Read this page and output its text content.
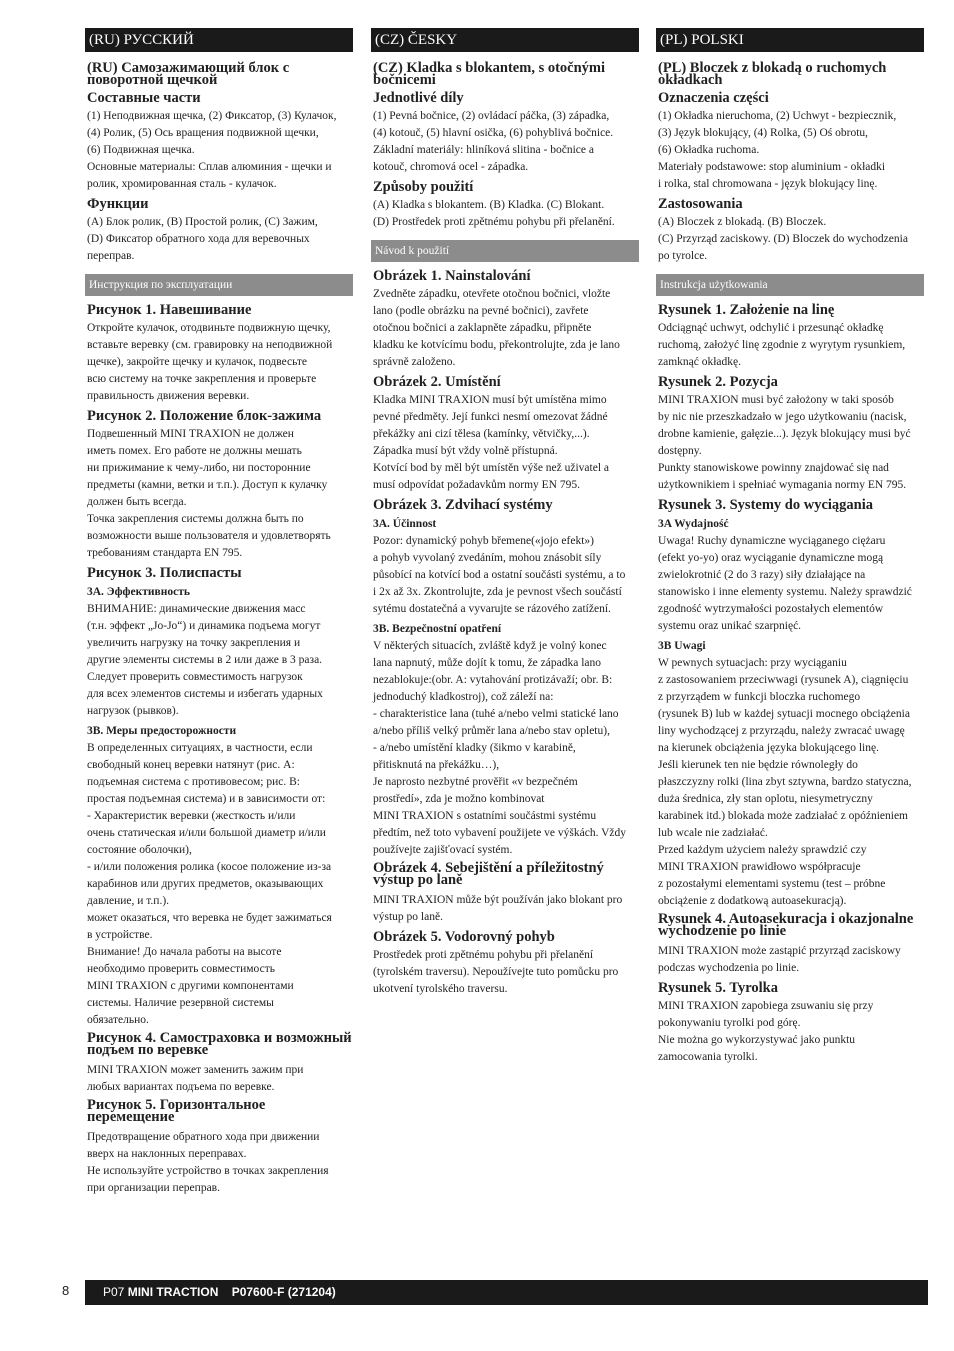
(RU) РУССКИЙ
(RU) Самозажимающий блок с поворотной щечкой
Составные части
(1) Неподвижная щечка, (2) Фиксатор, (3) Кулачок,
(4) Ролик, (5) Ось вращения подвижной щечки,
(6) Подвижная щечка.
Основные материалы: Сплав алюминия - щечки и
ролик, хромированная сталь - кулачок.
Функции
(А) Блок ролик, (В) Простой ролик, (С) Зажим,
(D) Фиксатор обратного хода для веревочных
переправ.
Инструкция по эксплуатации
Рисунок 1. Навешивание
Откройте кулачок, отодвиньте подвижную щечку,
вставьте веревку (см. гравировку на неподвижной
щечке), закройте щечку и кулачок, подвесьте
всю систему на точке закрепления и проверьте
правильность движения веревки.
Рисунок 2. Положение блок-зажима
Подвешенный MINI TRAXION не должен
иметь помех. Его работе не должны мешать
ни прижимание к чему-либо, ни посторонние
предметы (камни, ветки и т.п.). Доступ к кулачку
должен быть всегда.
Точка закрепления системы должна быть по
возможности выше пользователя и удовлетворять
требованиям стандарта EN 795.
Рисунок 3. Полиспасты
3А. Эффективность
ВНИМАНИЕ: динамические движения масс
(т.н. эффект „Jo-Jo“) и динамика подъема могут
увеличить нагрузку на точку закрепления и
другие элементы системы в 2 или даже в 3 раза.
Следует проверить совместимость нагрузок
для всех элементов системы и избегать ударных
нагрузок (рывков).
3В. Меры предосторожности
В определенных ситуациях, в частности, если
свободный конец веревки натянут (рис. А:
подъемная система с противовесом; рис. В:
простая подъемная система) и в зависимости от:
- Характеристик веревки (жесткость и/или
очень статическая и/или большой диаметр и/или
состояние оболочки),
- и/или положения ролика (косое положение из-за
карабинов или других предметов, оказывающих
давление, и т.п.).
может оказаться, что веревка не будет зажиматься
в устройстве.
Внимание! До начала работы на высоте
необходимо проверить совместимость
MINI TRAXION с другими компонентами
системы. Наличие резервной системы
обязательно.
Рисунок 4. Самостраховка и возможный подъем по веревке
MINI TRAXION может заменить зажим при
любых вариантах подъема по веревке.
Рисунок 5. Горизонтальное перемещение
Предотвращение обратного хода при движении
вверх на наклонных переправах.
Не используйте устройство в точках закрепления
при организации переправ.
(CZ) ČESKY
(CZ) Kladka s blokantem, s otočnými bočnicemi
Jednotlivé díly
(1) Pevná bočnice, (2) ovládací páčka, (3) západka,
(4) kotouč, (5) hlavní osička, (6) pohyblivá bočnice.
Základní materiály: hliníková slitina - bočnice a
kotouč, chromová ocel - západka.
Způsoby použití
(A) Kladka s blokantem. (B) Kladka. (C) Blokant.
(D) Prostředek proti zpětnému pohybu při přelanění.
Návod k použití
Obrázek 1. Nainstalování
Zvedněte západku, otevřete otočnou bočnici, vložte
lano (podle obrázku na pevné bočnici), zavřete
otočnou bočnici a zaklapněte západku, připněte
kladku ke kotvícímu bodu, překontrolujte, zda je lano
správně založeno.
Obrázek 2. Umístění
Kladka MINI TRAXION musí být umístěna mimo
pevné předměty. Její funkci nesmí omezovat žádné
překážky ani cizí tělesa (kamínky, větvičky,...).
Západka musí být vždy volně přístupná.
Kotvící bod by měl být umístěn výše než uživatel a
musí odpovídat požadavkům normy EN 795.
Obrázek 3. Zdvihací systémy
3A. Účinnost
Pozor: dynamický pohyb břemene(«jojo efekt»)
a pohyb vyvolaný zvedáním, mohou znásobit síly
působící na kotvící bod a ostatní součásti systému, a to
i 2x až 3x. Zkontrolujte, zda je pevnost všech součástí
sytému dostatečná a vyvarujte se rázového zatížení.
3B. Bezpečnostní opatření
V některých situacích, zvláště když je volný konec
lana napnutý, může dojít k tomu, že západka lano
nezablokuje:(obr. A: vytahování protizávaží; obr. B:
jednoduchý kladkostroj), což záleží na:
- charakteristice lana (tuhé a/nebo velmi statické lano
a/nebo příliš velký průměr lana a/nebo stav opletu),
- a/nebo umístění kladky (šikmo v karabině,
přitisknutá na překážku…),
Je naprosto nezbytné prověřit «v bezpečném
prostředí», zda je možno kombinovat
MINI TRAXION s ostatními součástmi systému
předtím, než toto vybavení použijete ve výškách. Vždy
používejte zajišťovací systém.
Obrázek 4. Sebejištění a příležitostný výstup po laně
MINI TRAXION může být používán jako blokant pro
výstup po laně.
Obrázek 5. Vodorovný pohyb
Prostředek proti zpětnému pohybu při přelanění
(tyrolském traversu). Nepoužívejte tuto pomůcku pro
ukotvení tyrolského traversu.
(PL) POLSKI
(PL) Bloczek z blokadą o ruchomych okładkach
Oznaczenia części
(1) Okładka nieruchoma, (2) Uchwyt - bezpiecznik,
(3) Język blokujący, (4) Rolka, (5) Oś obrotu,
(6) Okładka ruchoma.
Materiały podstawowe: stop aluminium - okładki
i rolka, stal chromowana - język blokujący linę.
Zastosowania
(A) Bloczek z blokadą. (B) Bloczek.
(C) Przyrząd zaciskowy. (D) Bloczek do wychodzenia
po tyrolce.
Instrukcja użytkowania
Rysunek 1. Założenie na linę
Odciągnąć uchwyt, odchylić i przesunąć okładkę
ruchomą, założyć linę zgodnie z wyrytym rysunkiem,
zamknąć okładkę.
Rysunek 2. Pozycja
MINI TRAXION musi być założony w taki sposób
by nic nie przeszkadzało w jego użytkowaniu (nacisk,
drobne kamienie, gałęzie...). Język blokujący musi być
dostępny.
Punkty stanowiskowe powinny znajdować się nad
użytkownikiem i spełniać wymagania normy EN 795.
Rysunek 3. Systemy do wyciągania
3A Wydajność
Uwaga! Ruchy dynamiczne wyciąganego ciężaru
(efekt yo-yo) oraz wyciąganie dynamiczne mogą
zwielokrotnić (2 do 3 razy) siły działające na
stanowisko i inne elementy systemu. Należy sprawdzić
zgodność wytrzymałości pozostałych elementów
systemu oraz unikać szarpnięć.
3B Uwagi
W pewnych sytuacjach: przy wyciąganiu
z zastosowaniem przeciwwagi (rysunek A), ciągnięciu
z przyrządem w funkcji bloczka ruchomego
(rysunek B) lub w każdej sytuacji mocnego obciążenia
liny wychodzącej z przyrządu, należy zwracać uwagę
na kierunek obciążenia języka blokującego linę.
Jeśli kierunek ten nie będzie równoległy do
płaszczyzny rolki (lina zbyt sztywna, bardzo statyczna,
duża średnica, zły stan oplotu, niesymetryczny
karabinek itd.) blokada może zadziałać z opóźnieniem
lub wcale nie zadziałać.
Przed każdym użyciem należy sprawdzić czy
MINI TRAXION prawidłowo współpracuje
z pozostałymi elementami systemu (test – próbne
obciążenie z dodatkową autoasekuracją).
Rysunek 4. Autoasekuracja i okazjonalne wychodzenie po linie
MINI TRAXION może zastąpić przyrząd zaciskowy
podczas wychodzenia po linie.
Rysunek 5. Tyrolka
MINI TRAXION zapobiega zsuwaniu się przy
pokonywaniu tyrolki pod górę.
Nie można go wykorzystywać jako punktu
zamocowania tyrolki.
8	P07 MINI TRACTION P07600-F (271204)
